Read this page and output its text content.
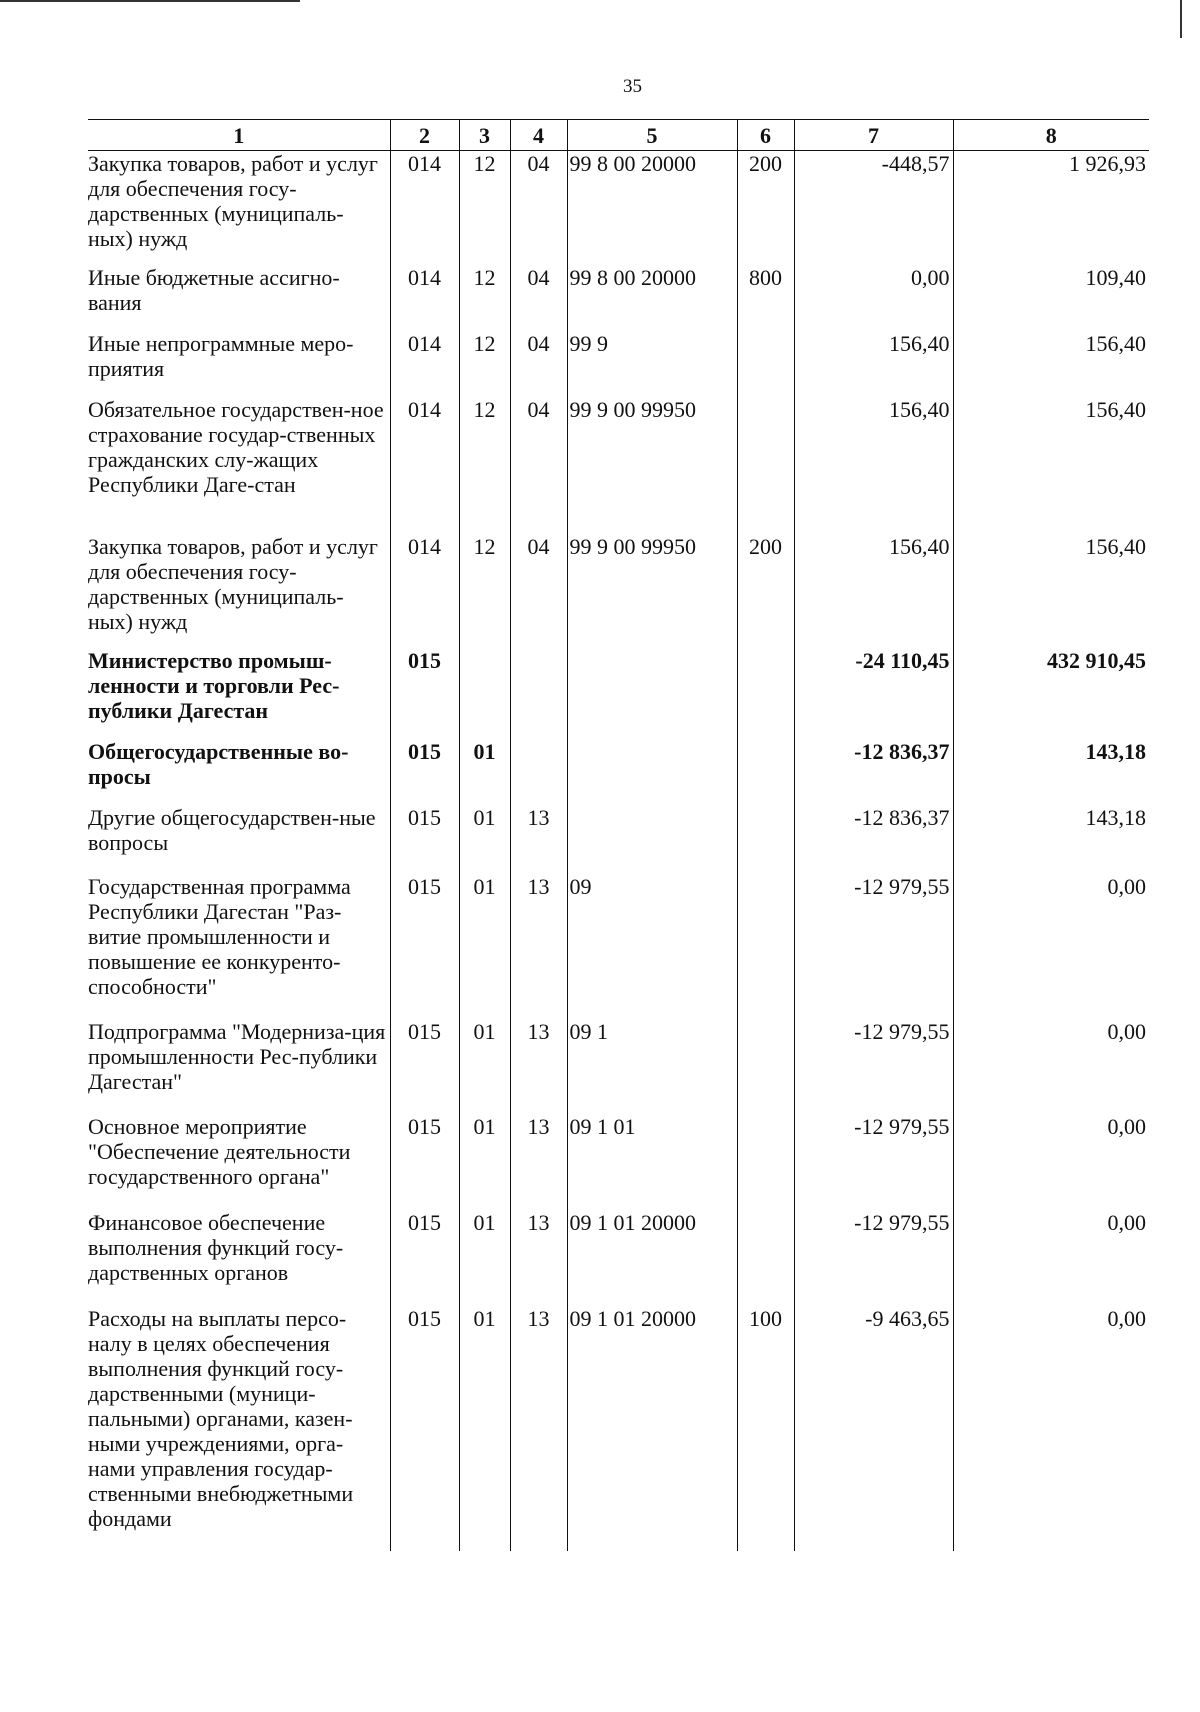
35
1	2	3	4	5	6	7	8
Закупка товаров, работ и услуг для обеспечения госу-дарственных (муниципаль-ных) нужд	014	12	04	99 8 00 20000	200	-448,57	1 926,93
Иные бюджетные ассигно-вания	014	12	04	99 8 00 20000	800	0,00	109,40
Иные непрограммные меро-приятия	014	12	04	99 9		156,40	156,40
Обязательное государствен-ное страхование государ-ственных гражданских слу-жащих Республики Даге-стан	014	12	04	99 9 00 99950		156,40	156,40
Закупка товаров, работ и услуг для обеспечения госу-дарственных (муниципаль-ных) нужд	014	12	04	99 9 00 99950	200	156,40	156,40
Министерство промыш-ленности и торговли Рес-публики Дагестан	015					-24 110,45	432 910,45
Общегосударственные во-просы	015	01				-12 836,37	143,18
Другие общегосударствен-ные вопросы	015	01	13			-12 836,37	143,18
Государственная программа Республики Дагестан "Раз-витие промышленности и повышение ее конкуренто-способности"	015	01	13	09		-12 979,55	0,00
Подпрограмма "Модерниза-ция промышленности Рес-публики Дагестан"	015	01	13	09 1		-12 979,55	0,00
Основное мероприятие "Обеспечение деятельности государственного органа"	015	01	13	09 1 01		-12 979,55	0,00
Финансовое обеспечение выполнения функций госу-дарственных органов	015	01	13	09 1 01 20000		-12 979,55	0,00
Расходы на выплаты персо-налу в целях обеспечения выполнения функций госу-дарственными (муници-пальными) органами, казен-ными учреждениями, орга-нами управления государ-ственными внебюджетными фондами	015	01	13	09 1 01 20000	100	-9 463,65	0,00
